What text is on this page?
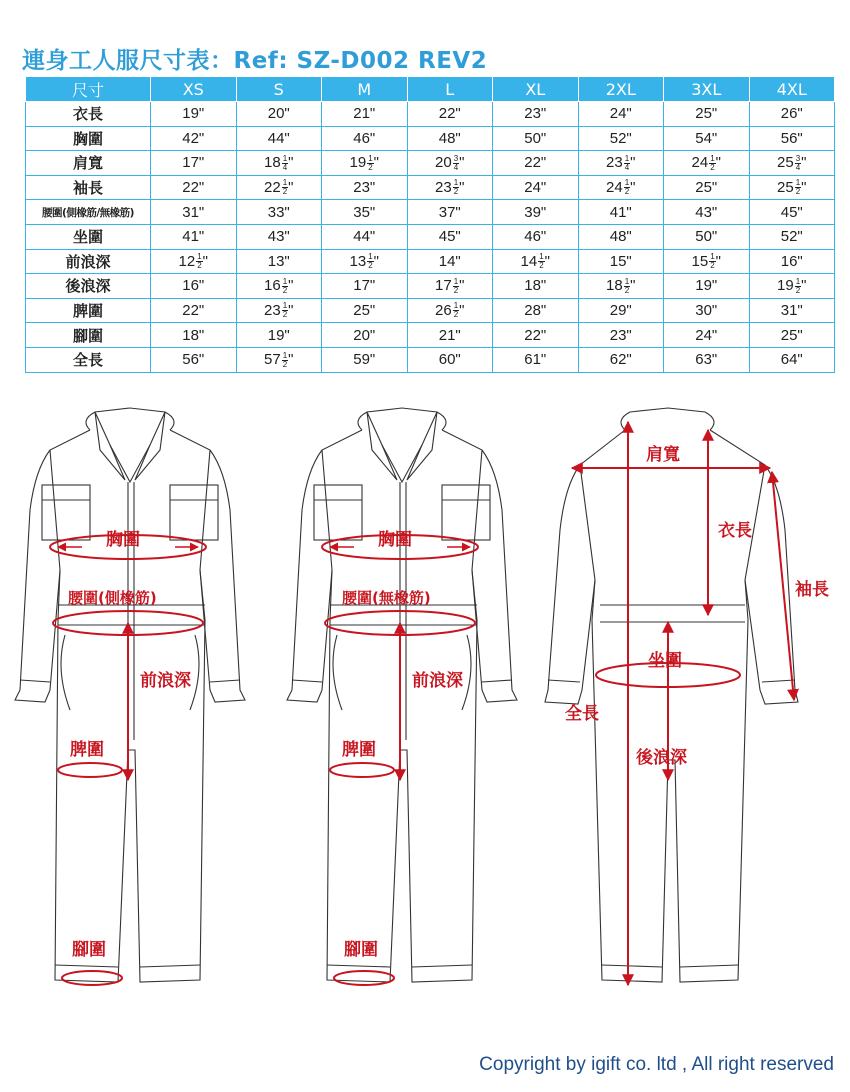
連身工人服尺寸表：Ref: SZ-D002 REV2
尺寸	XS	S	M	L	XL	2XL	3XL	4XL
衣長	19"	20"	21"	22"	23"	24"	25"	26"
胸圍	42"	44"	46"	48"	50"	52"	54"	56"
肩寬	17"	$18 \frac{1}{4}$ "	$19 \frac{1}{2}$ "	$20 \frac{3}{4}$ "	22"	$23 \frac{1}{4}$ "	$24 \frac{1}{2}$ "	$25 \frac{3}{4}$ "
袖長	22"	$22 \frac{1}{2}$ "	23"	$23 \frac{1}{2}$ "	24"	$24 \frac{1}{2}$ "	25"	$25 \frac{1}{2}$ "
腰圍(側橡筋/無橡筋)	31"	33"	35"	37"	39"	41"	43"	45"
坐圍	41"	43"	44"	45"	46"	48"	50"	52"
前浪深	$12 \frac{1}{2}$ "	13"	$13 \frac{1}{2}$ "	14"	$14 \frac{1}{2}$ "	15"	$15 \frac{1}{2}$ "	16"
後浪深	16"	$16 \frac{1}{2}$ "	17"	$17 \frac{1}{2}$ "	18"	$18 \frac{1}{2}$ "	19"	$19 \frac{1}{2}$ "
脾圍	22"	$23 \frac{1}{2}$ "	25"	$26 \frac{1}{2}$ "	28"	29"	30"	31"
腳圍	18"	19"	20"	21"	22"	23"	24"	25"
全長	56"	$57 \frac{1}{2}$ "	59"	60"	61"	62"	63"	64"
胸圍
腰圍(側橡筋)
前浪深
脾圍
腳圍
胸圍
腰圍(無橡筋)
前浪深
脾圍
腳圍
肩寬
衣長
袖長
坐圍
全長
後浪深
Copyright by igift co. ltd , All right reserved
